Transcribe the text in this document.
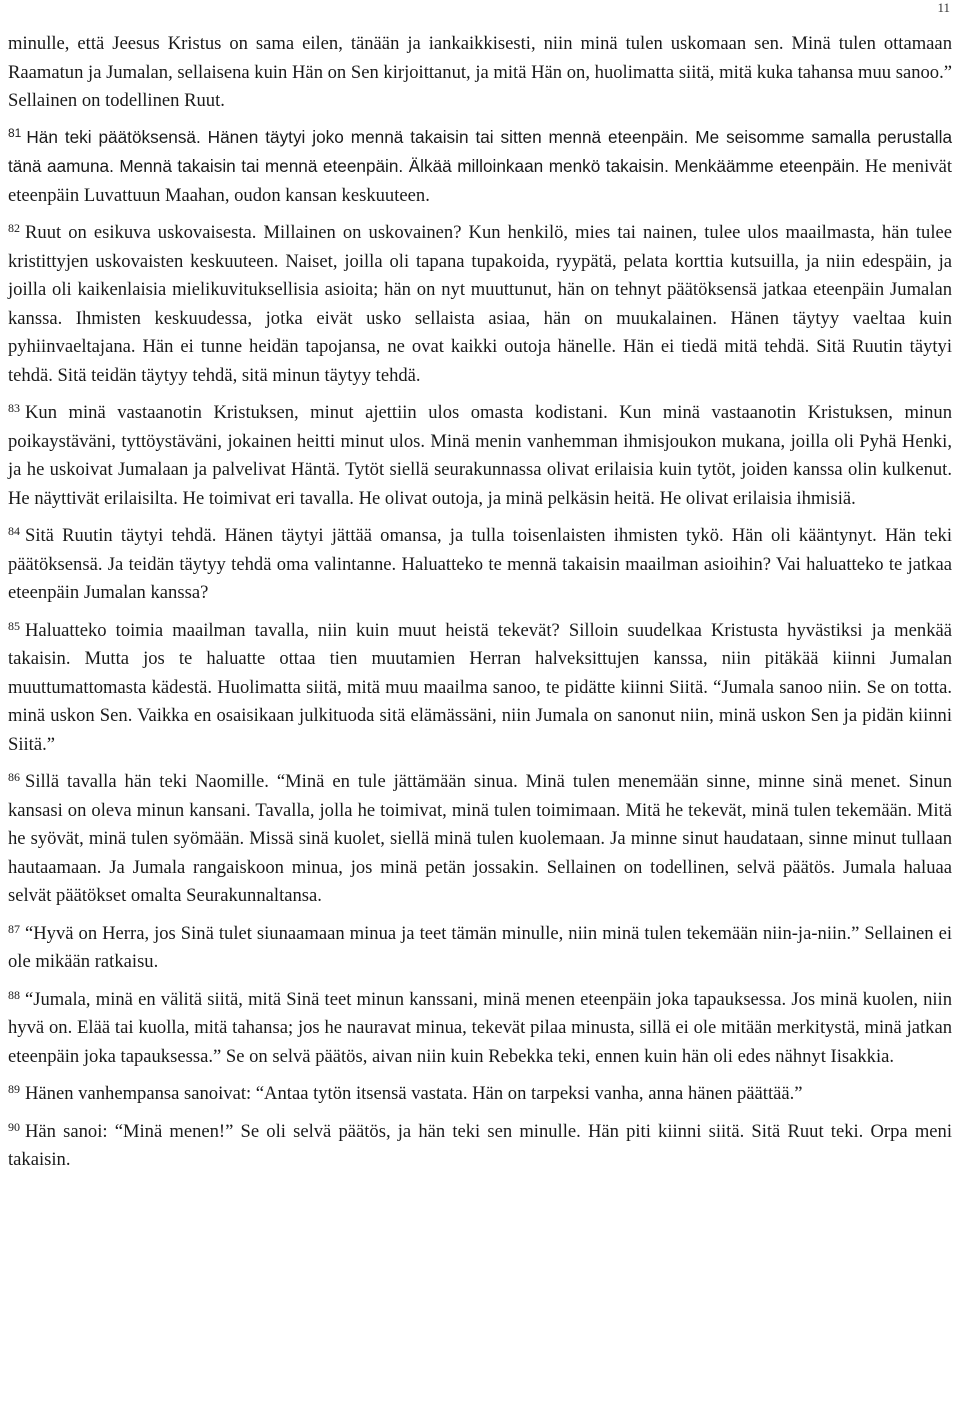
11

minulle, että Jeesus Kristus on sama eilen, tänään ja iankaikkisesti, niin minä tulen uskomaan sen. Minä tulen ottamaan Raamatun ja Jumalan, sellaisena kuin Hän on Sen kirjoittanut, ja mitä Hän on, huolimatta siitä, mitä kuka tahansa muu sanoo.” Sellainen on todellinen Ruut.

$^{81}$ Hän teki päätöksensä. Hänen täytyi joko mennä takaisin tai sitten mennä eteenpäin. Me seisomme samalla perustalla tänä aamuna. Mennä takaisin tai mennä eteenpäin. Älkää milloinkaan menkö takaisin. Menkäämme eteenpäin. He menivät eteenpäin Luvattuun Maahan, oudon kansan keskuuteen.

$^{82}$ Ruut on esikuva uskovaisesta. Millainen on uskovainen? Kun henkilö, mies tai nainen, tulee ulos maailmasta, hän tulee kristittyjen uskovaisten keskuuteen. Naiset, joilla oli tapana tupakoida, ryypätä, pelata korttia kutsuilla, ja niin edespäin, ja joilla oli kaikenlaisia mielikuvituksellisia asioita; hän on nyt muuttunut, hän on tehnyt päätöksensä jatkaa eteenpäin Jumalan kanssa. Ihmisten keskuudessa, jotka eivät usko sellaista asiaa, hän on muukalainen. Hänen täytyy vaeltaa kuin pyhiinvaeltajana. Hän ei tunne heidän tapojansa, ne ovat kaikki outoja hänelle. Hän ei tiedä mitä tehdä. Sitä Ruutin täytyi tehdä. Sitä teidän täytyy tehdä, sitä minun täytyy tehdä.

$^{83}$ Kun minä vastaanotin Kristuksen, minut ajettiin ulos omasta kodistani. Kun minä vastaanotin Kristuksen, minun poikaystäväni, tyttöystäväni, jokainen heitti minut ulos. Minä menin vanhemman ihmisjoukon mukana, joilla oli Pyhä Henki, ja he uskoivat Jumalaan ja palvelivat Häntä. Tytöt siellä seurakunnassa olivat erilaisia kuin tytöt, joiden kanssa olin kulkenut. He näyttivät erilaisilta. He toimivat eri tavalla. He olivat outoja, ja minä pelkäsin heitä. He olivat erilaisia ihmisiä.

$^{84}$ Sitä Ruutin täytyi tehdä. Hänen täytyi jättää omansa, ja tulla toisenlaisten ihmisten tykö. Hän oli kääntynyt. Hän teki päätöksensä. Ja teidän täytyy tehdä oma valintanne. Haluatteko te mennä takaisin maailman asioihin? Vai haluatteko te jatkaa eteenpäin Jumalan kanssa?

$^{85}$ Haluatteko toimia maailman tavalla, niin kuin muut heistä tekevät? Silloin suudelkaa Kristusta hyvästiksi ja menkää takaisin. Mutta jos te haluatte ottaa tien muutamien Herran halveksittujen kanssa, niin pitäkää kiinni Jumalan muuttumattomasta kädestä. Huolimatta siitä, mitä muu maailma sanoo, te pidätte kiinni Siitä. “Jumala sanoo niin. Se on totta. minä uskon Sen. Vaikka en osaisikaan julkituoda sitä elämässäni, niin Jumala on sanonut niin, minä uskon Sen ja pidän kiinni Siitä.”

$^{86}$ Sillä tavalla hän teki Naomille. “Minä en tule jättämään sinua. Minä tulen menemään sinne, minne sinä menet. Sinun kansasi on oleva minun kansani. Tavalla, jolla he toimivat, minä tulen toimimaan. Mitä he tekevät, minä tulen tekemään. Mitä he syövät, minä tulen syömään. Missä sinä kuolet, siellä minä tulen kuolemaan. Ja minne sinut haudataan, sinne minut tullaan hautaamaan. Ja Jumala rangaiskoon minua, jos minä petän jossakin. Sellainen on todellinen, selvä päätös. Jumala haluaa selvät päätökset omalta Seurakunnaltansa.

$^{87}$ “Hyvä on Herra, jos Sinä tulet siunaamaan minua ja teet tämän minulle, niin minä tulen tekemään niin-ja-niin.” Sellainen ei ole mikään ratkaisu.

$^{88}$ “Jumala, minä en välitä siitä, mitä Sinä teet minun kanssani, minä menen eteenpäin joka tapauksessa. Jos minä kuolen, niin hyvä on. Elää tai kuolla, mitä tahansa; jos he nauravat minua, tekevät pilaa minusta, sillä ei ole mitään merkitystä, minä jatkan eteenpäin joka tapauksessa.” Se on selvä päätös, aivan niin kuin Rebekka teki, ennen kuin hän oli edes nähnyt Iisakkia.

$^{89}$ Hänen vanhempansa sanoivat: “Antaa tytön itsensä vastata. Hän on tarpeksi vanha, anna hänen päättää.”

$^{90}$ Hän sanoi: “Minä menen!” Se oli selvä päätös, ja hän teki sen minulle. Hän piti kiinni siitä. Sitä Ruut teki. Orpa meni takaisin.
